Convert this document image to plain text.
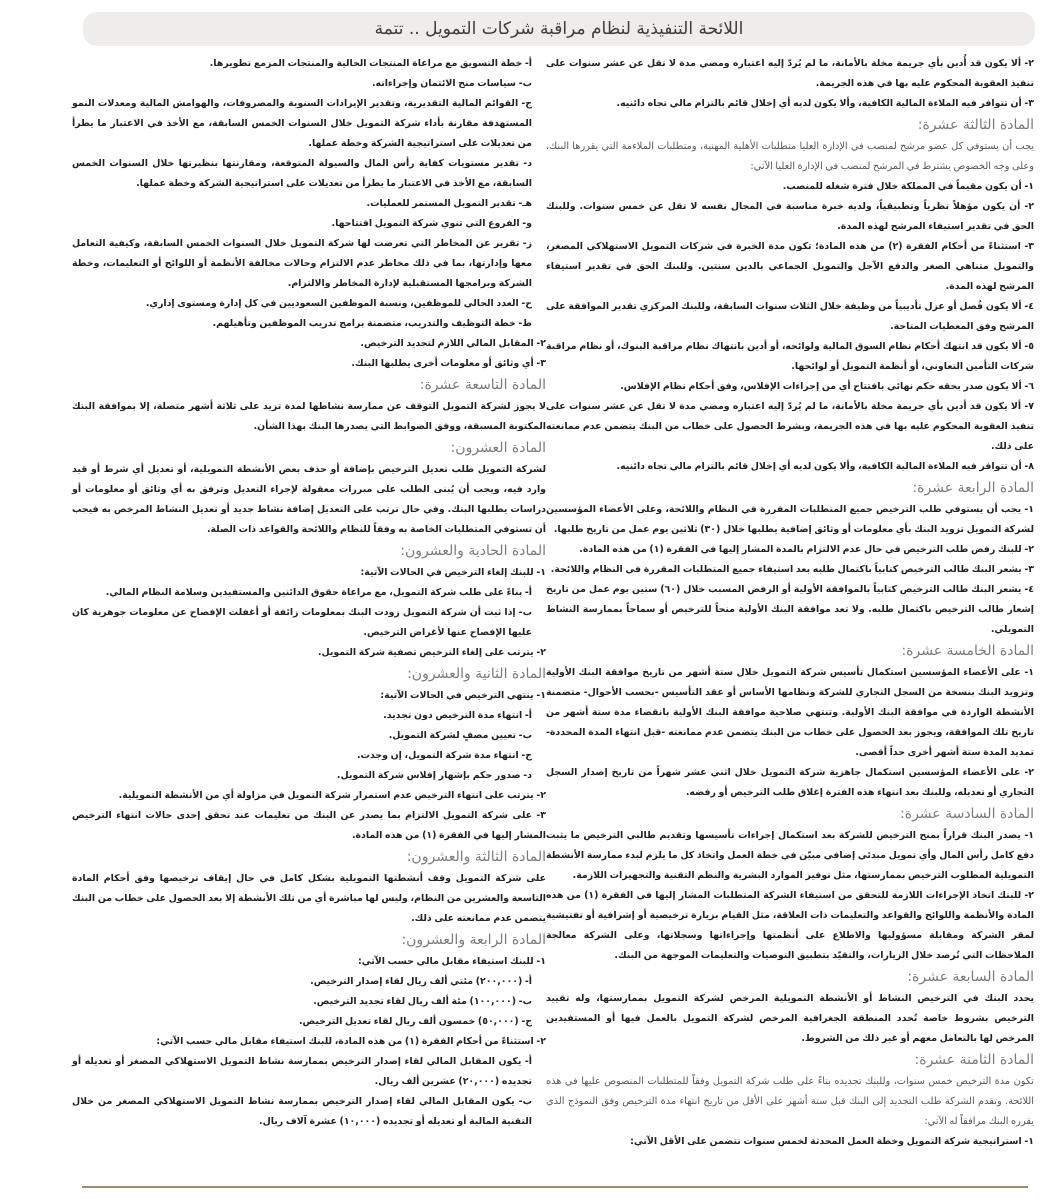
اللائحة التنفيذية لنظام مراقبة شركات التمويل .. تتمة

٢- ألا يكون قد أُدين بأي جريمة مخلة بالأمانة، ما لم يُردّ إليه اعتباره ومضي مدة لا تقل عن عشر سنوات على تنفيذ العقوبة المحكوم عليه بها في هذه الجريمة.

٣- أن تتوافر فيه الملاءة المالية الكافية، وألا يكون لديه أي إخلال قائم بالتزام مالي تجاه دائنيه.

المادة الثالثة عشرة:

يجب أن يستوفي كل عضو مرشح لمنصب في الإدارة العليا متطلبات الأهلية المهنية، ومتطلبات الملاءمة التي يقررها البنك، وعلى وجه الخصوص يشترط في المرشح لمنصب في الإدارة العليا الآتي:

١- أن يكون مقيماً في المملكة خلال فترة شغله للمنصب.

٢- أن يكون مؤهلاً نظرياً وتطبيقياً، ولديه خبرة مناسبة في المجال نفسه لا تقل عن خمس سنوات. وللبنك الحق في تقدير استيفاء المرشح لهذه المدة.

٣- استثناءً من أحكام الفقرة (٢) من هذه المادة؛ تكون مدة الخبرة في شركات التمويل الاستهلاكي المصغر، والتمويل متناهي الصغر والدفع الآجل والتمويل الجماعي بالدين سنتين. وللبنك الحق في تقدير استيفاء المرشح لهذه المدة.

٤- ألا يكون فُصل أو عزل تأديبياً من وظيفة خلال الثلاث سنوات السابقة، وللبنك المركزي تقدير الموافقة على المرشح وفق المعطيات المتاحة.

٥- ألا يكون قد انتهك أحكام نظام السوق المالية ولوائحه، أو أدين بانتهاك نظام مراقبة البنوك، أو نظام مراقبة شركات التأمين التعاوني، أو أنظمة التمويل أو لوائحها.

٦- ألا يكون صدر بحقه حكم نهائي بافتتاح أي من إجراءات الإفلاس، وفق أحكام نظام الإفلاس.

٧- ألا يكون قد أدين بأي جريمة مخلة بالأمانة، ما لم يُردّ إليه اعتباره ومضي مدة لا تقل عن عشر سنوات على تنفيذ العقوبة المحكوم عليه بها في هذه الجريمة، وبشرط الحصول على خطاب من البنك يتضمن عدم ممانعته على ذلك.

٨- أن تتوافر فيه الملاءة المالية الكافية، وألا يكون لديه أي إخلال قائم بالتزام مالي تجاه دائنيه.

المادة الرابعة عشرة:

١- يجب أن يستوفي طلب الترخيص جميع المتطلبات المقررة في النظام واللائحة، وعلى الأعضاء المؤسسين لشركة التمويل تزويد البنك بأي معلومات أو وثائق إضافية يطلبها خلال (٣٠) ثلاثين يوم عمل من تاريخ طلبها.

٢- للبنك رفض طلب الترخيص في حال عدم الالتزام بالمدة المشار إليها في الفقرة (١) من هذه المادة.

٣- يشعر البنك طالب الترخيص كتابياً باكتمال طلبه بعد استيفاء جميع المتطلبات المقررة في النظام واللائحة.

٤- يشعر البنك طالب الترخيص كتابياً بالموافقة الأولية أو الرفض المسبب خلال (٦٠) ستين يوم عمل من تاريخ إشعار طالب الترخيص باكتمال طلبه. ولا تعد موافقة البنك الأولية منحاً للترخيص أو سماحاً بممارسة النشاط التمويلي.

المادة الخامسة عشرة:

١- على الأعضاء المؤسسين استكمال تأسيس شركة التمويل خلال ستة أشهر من تاريخ موافقة البنك الأولية وتزويد البنك بنسخة من السجل التجاري للشركة ونظامها الأساس أو عقد التأسيس -بحسب الأحوال- متضمنة الأنشطة الواردة في موافقة البنك الأولية. وتنتهي صلاحية موافقة البنك الأولية بانقضاء مدة ستة أشهر من تاريخ تلك الموافقة، ويجوز بعد الحصول على خطاب من البنك يتضمن عدم ممانعته -قبل انتهاء المدة المحددة- تمديد المدة ستة أشهر أخرى حداً أقصى.

٢- على الأعضاء المؤسسين استكمال جاهزية شركة التمويل خلال اثني عشر شهراً من تاريخ إصدار السجل التجاري أو تعديله، وللبنك بعد انتهاء هذه الفترة إغلاق طلب الترخيص أو رفضه.

المادة السادسة عشرة:

١- يصدر البنك قراراً بمنح الترخيص للشركة بعد استكمال إجراءات تأسيسها وتقديم طالبي الترخيص ما يثبت دفع كامل رأس المال وأي تمويل مبدئي إضافي مبيّن في خطة العمل واتخاذ كل ما يلزم لبدء ممارسة الأنشطة التمويلية المطلوب الترخيص بممارستها، مثل توفير الموارد البشرية والنظم التقنية والتجهيزات اللازمة.

٢- للبنك اتخاذ الإجراءات اللازمة للتحقق من استيفاء الشركة المتطلبات المشار إليها في الفقرة (١) من هذه المادة والأنظمة واللوائح والقواعد والتعليمات ذات العلاقة، مثل القيام بزيارة ترخيصية أو إشرافية أو تفتيشية لمقر الشركة ومقابلة مسؤوليها والاطلاع على أنظمتها وإجراءاتها وسجلاتها، وعلى الشركة معالجة الملاحظات التي تُرصد خلال الزيارات، والتقيّد بتطبيق التوصيات والتعليمات الموجهة من البنك.

المادة السابعة عشرة:

يحدد البنك في الترخيص النشاط أو الأنشطة التمويلية المرخص لشركة التمويل بممارستها، وله تقييد الترخيص بشروط خاصة تُحدد المنطقة الجغرافية المرخص لشركة التمويل بالعمل فيها أو المستفيدين المرخص لها بالتعامل معهم أو غير ذلك من الشروط.

المادة الثامنة عشرة:

تكون مدة الترخيص خمس سنوات، وللبنك تجديده بناءً على طلب شركة التمويل وفقاً للمتطلبات المنصوص عليها في هذه اللائحة. وتقدم الشركة طلب التجديد إلى البنك قبل ستة أشهر على الأقل من تاريخ انتهاء مدة الترخيص وفق النموذج الذي يقرره البنك مرافقاً له الآتي:

١- استراتيجية شركة التمويل وخطة العمل المحدثة لخمس سنوات تتضمن على الأقل الآتي:

أ- خطة التسويق مع مراعاة المنتجات الحالية والمنتجات المزمع تطويرها.

ب- سياسات منح الائتمان وإجراءاته.

ج- القوائم المالية التقديرية، وتقدير الإيرادات السنوية والمصروفات، والهوامش المالية ومعدلات النمو المستهدفة مقارنة بأداء شركة التمويل خلال السنوات الخمس السابقة، مع الأخذ في الاعتبار ما يطرأ من تعديلات على استراتيجية الشركة وخطة عملها.

د- تقدير مستويات كفاية رأس المال والسيولة المتوقعة، ومقارنتها بنظيرتها خلال السنوات الخمس السابقة، مع الأخذ في الاعتبار ما يطرأ من تعديلات على استراتيجية الشركة وخطة عملها.

هـ- تقدير التمويل المستمر للعمليات.

و- الفروع التي تنوي شركة التمويل افتتاحها.

ز- تقرير عن المخاطر التي تعرضت لها شركة التمويل خلال السنوات الخمس السابقة، وكيفية التعامل معها وإدارتها، بما في ذلك مخاطر عدم الالتزام وحالات مخالفة الأنظمة أو اللوائح أو التعليمات، وخطة الشركة وبرامجها المستقبلية لإدارة المخاطر والالتزام.

ح- العدد الحالي للموظفين، ونسبة الموظفين السعوديين في كل إدارة ومستوى إداري.

ط- خطة التوظيف والتدريب، متضمنة برامج تدريب الموظفين وتأهيلهم.

٢- المقابل المالي اللازم لتجديد الترخيص.

٣- أي وثائق أو معلومات أخرى يطلبها البنك.

المادة التاسعة عشرة:

لا يجوز لشركة التمويل التوقف عن ممارسة نشاطها لمدة تزيد على ثلاثة أشهر متصلة، إلا بموافقة البنك المكتوبة المسبقة، ووفق الضوابط التي يصدرها البنك بهذا الشأن.

المادة العشرون:

لشركة التمويل طلب تعديل الترخيص بإضافة أو حذف بعض الأنشطة التمويلية، أو تعديل أي شرط أو قيد وارد فيه، ويجب أن يُبنى الطلب على مبررات معقولة لإجراء التعديل وترفق به أي وثائق أو معلومات أو دراسات يطلبها البنك. وفي حال ترتب على التعديل إضافة نشاط جديد أو تعديل النشاط المرخص به فيجب أن تستوفي المتطلبات الخاصة به وفقاً للنظام واللائحة والقواعد ذات الصلة.

المادة الحادية والعشرون:

١- للبنك إلغاء الترخيص في الحالات الآتية:

أ- بناءً على طلب شركة التمويل، مع مراعاة حقوق الدائنين والمستفيدين وسلامة النظام المالي.

ب- إذا ثبت أن شركة التمويل زودت البنك بمعلومات زائفة أو أغفلت الإفصاح عن معلومات جوهرية كان عليها الإفصاح عنها لأغراض الترخيص.

٢- يترتب على إلغاء الترخيص تصفية شركة التمويل.

المادة الثانية والعشرون:

١- ينتهي الترخيص في الحالات الآتية:

أ- انتهاء مدة الترخيص دون تجديد.

ب- تعيين مصفٍ لشركة التمويل.

ج- انتهاء مدة شركة التمويل، إن وجدت.

د- صدور حكم بإشهار إفلاس شركة التمويل.

٢- يترتب على انتهاء الترخيص عدم استمرار شركة التمويل في مزاولة أي من الأنشطة التمويلية.

٣- على شركة التمويل الالتزام بما يصدر عن البنك من تعليمات عند تحقق إحدى حالات انتهاء الترخيص المشار إليها في الفقرة (١) من هذه المادة.

المادة الثالثة والعشرون:

على شركة التمويل وقف أنشطتها التمويلية بشكل كامل في حال إيقاف ترخيصها وفق أحكام المادة التاسعة والعشرين من النظام، وليس لها مباشرة أي من تلك الأنشطة إلا بعد الحصول على خطاب من البنك يتضمن عدم ممانعته على ذلك.

المادة الرابعة والعشرون:

١- للبنك استيفاء مقابل مالي حسب الآتي:

أ- (٢٠٠,٠٠٠) مئتي ألف ريال لقاء إصدار الترخيص.

ب- (١٠٠,٠٠٠) مئة ألف ريال لقاء تجديد الترخيص.

ج- (٥٠,٠٠٠) خمسون ألف ريال لقاء تعديل الترخيص.

٢- استثناءً من أحكام الفقرة (١) من هذه المادة، للبنك استيفاء مقابل مالي حسب الآتي:

أ- يكون المقابل المالي لقاء إصدار الترخيص بممارسة نشاط التمويل الاستهلاكي المصغر أو تعديله أو تجديده (٢٠,٠٠٠) عشرين ألف ريال.

ب- يكون المقابل المالي لقاء إصدار الترخيص بممارسة نشاط التمويل الاستهلاكي المصغر من خلال التقنية المالية أو تعديله أو تجديده (١٠,٠٠٠) عشرة آلاف ريال.
